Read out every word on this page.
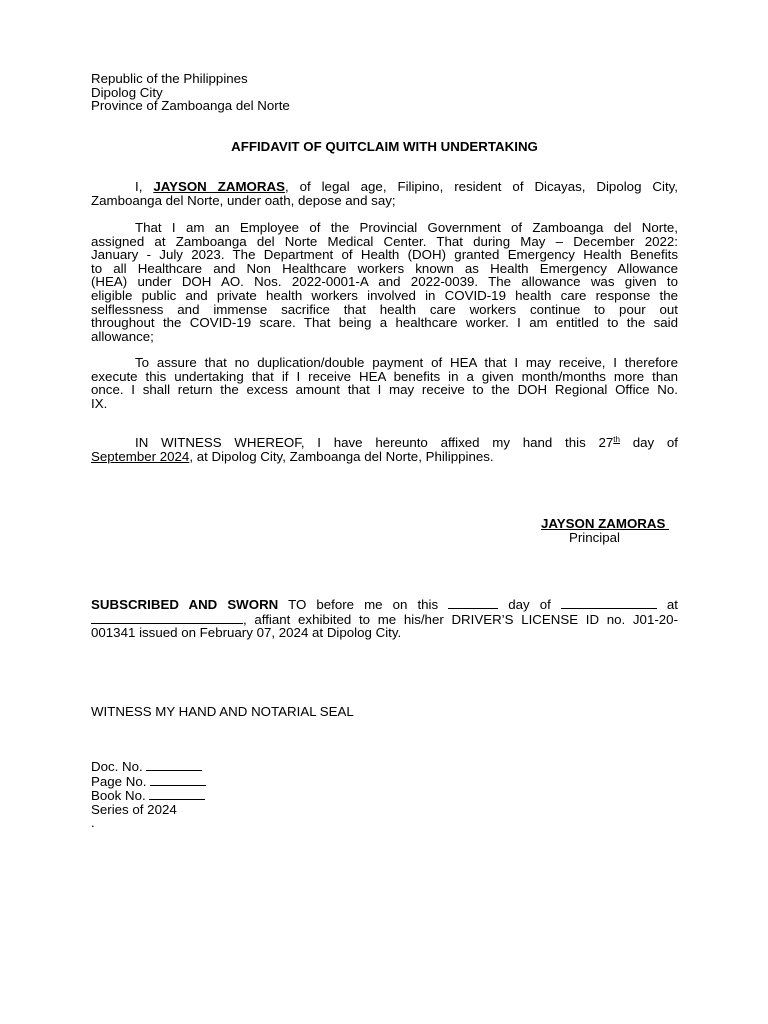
Republic of the Philippines
Dipolog City
Province of Zamboanga del Norte
AFFIDAVIT OF QUITCLAIM WITH UNDERTAKING
I, JAYSON ZAMORAS, of legal age, Filipino, resident of Dicayas, Dipolog City,
Zamboanga del Norte, under oath, depose and say;
That I am an Employee of the Provincial Government of Zamboanga del Norte,
assigned at Zamboanga del Norte Medical Center. That during May – December 2022:
January - July 2023. The Department of Health (DOH) granted Emergency Health Benefits
to all Healthcare and Non Healthcare workers known as Health Emergency Allowance
(HEA) under DOH AO. Nos. 2022-0001-A and 2022-0039. The allowance was given to
eligible public and private health workers involved in COVID-19 health care response the
selflessness and immense sacrifice that health care workers continue to pour out
throughout the COVID-19 scare. That being a healthcare worker. I am entitled to the said
allowance;
To assure that no duplication/double payment of HEA that I may receive, I therefore
execute this undertaking that if I receive HEA benefits in a given month/months more than
once. I shall return the excess amount that I may receive to the DOH Regional Office No.
IX.
IN WITNESS WHEREOF, I have hereunto affixed my hand this 27th day of
September 2024, at Dipolog City, Zamboanga del Norte, Philippines.
JAYSON ZAMORAS
Principal
SUBSCRIBED AND SWORN TO before me on this	day of	at
, affiant exhibited to me his/her DRIVER’S LICENSE ID no. J01-20-
001341 issued on February 07, 2024 at Dipolog City.
WITNESS MY HAND AND NOTARIAL SEAL
Doc. No.
Page No.
Book No.
Series of 2024
.
